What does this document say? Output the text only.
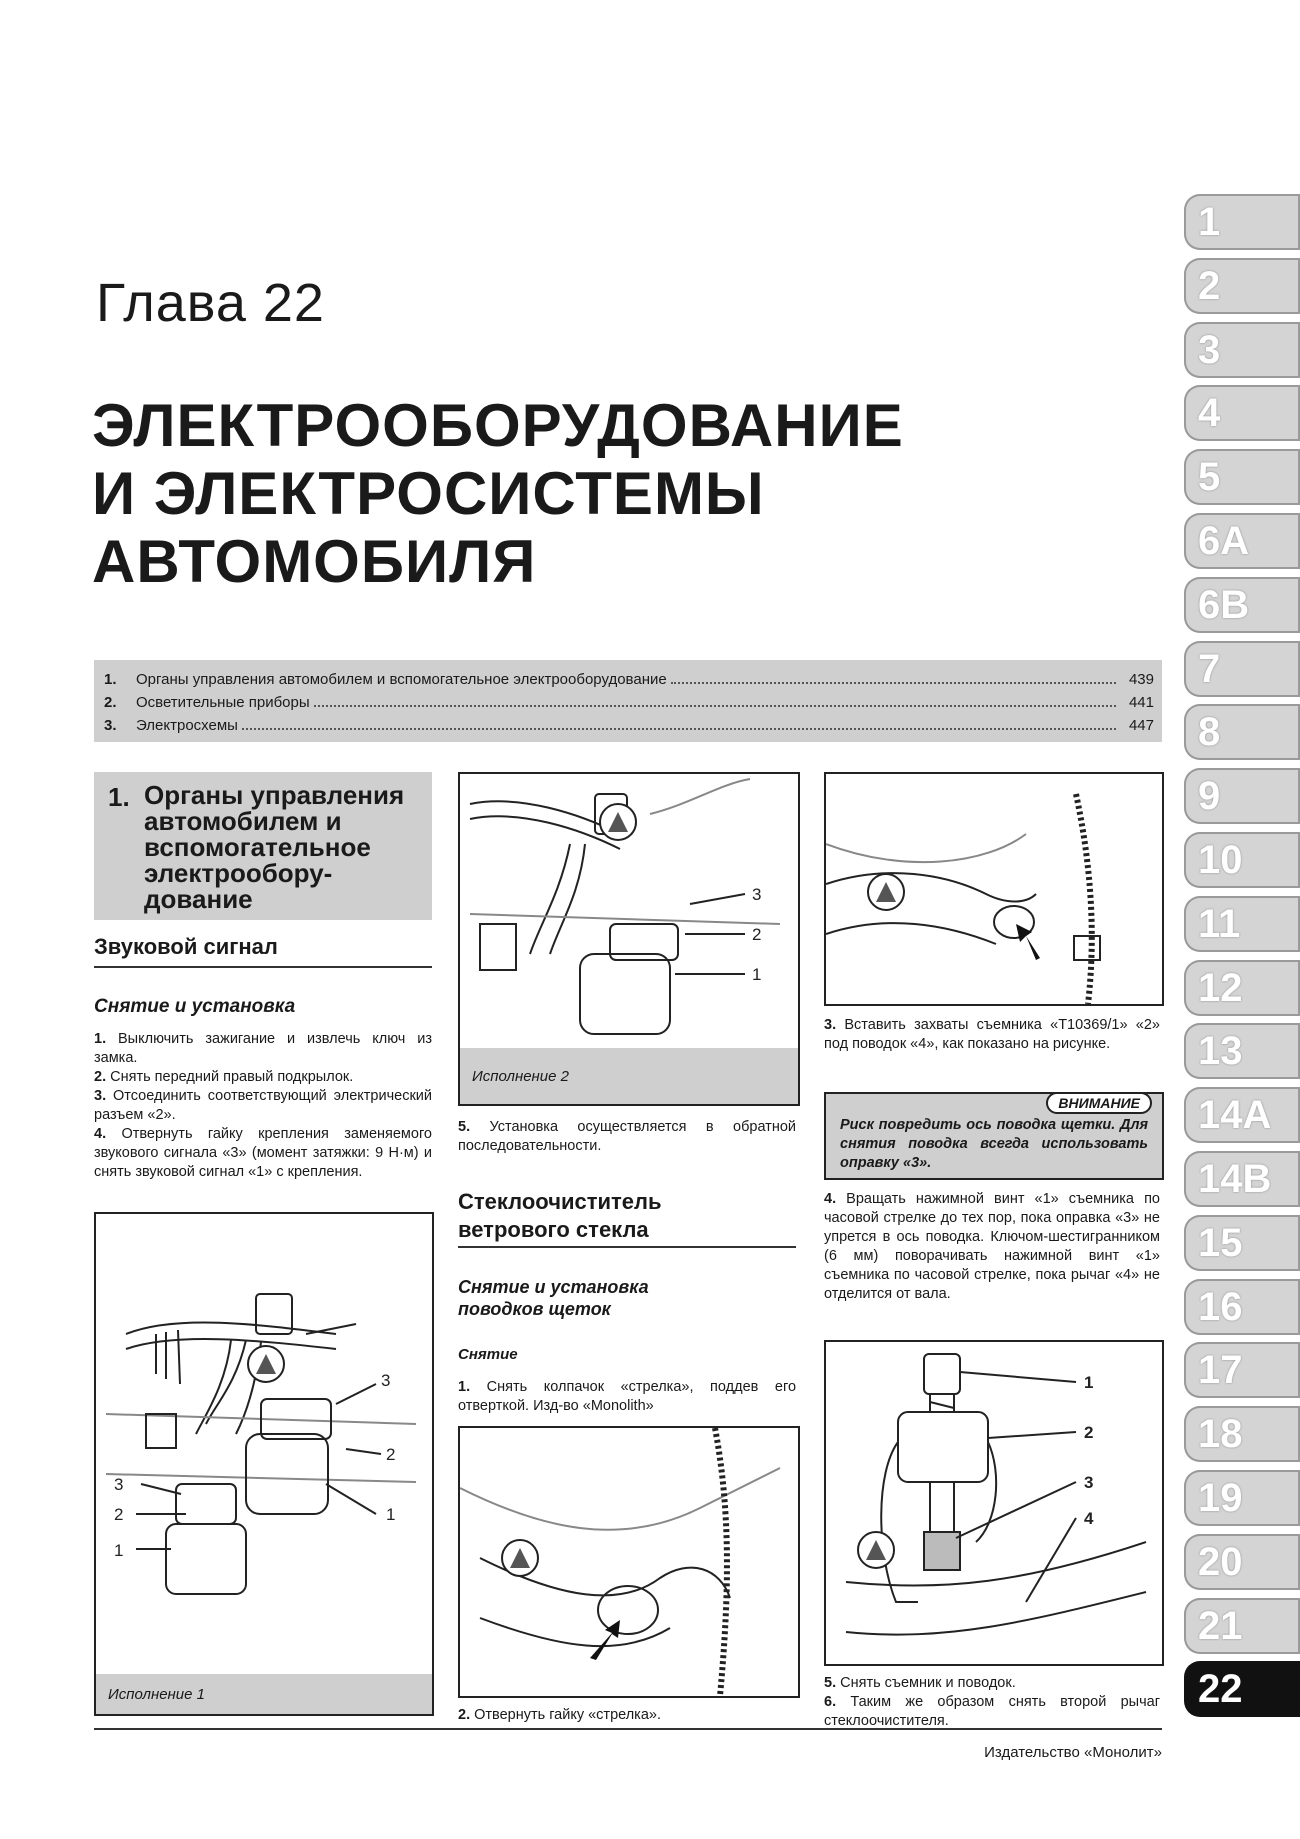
Глава 22
ЭЛЕКТРООБОРУДОВАНИЕ
И ЭЛЕКТРОСИСТЕМЫ
АВТОМОБИЛЯ
1.	Органы управления автомобилем и вспомогательное электрооборудование	439
2.	Осветительные приборы	441
3.	Электросхемы	447
1. Органы управления автомобилем и вспомогательное электрообору-дование
Звуковой сигнал
Снятие и установка

1. Выключить зажигание и извлечь ключ из замка.

2. Снять передний правый подкрылок.

3. Отсоединить соответствующий электрический разъем «2».

4. Отвернуть гайку крепления заменяемого звукового сигнала «3» (момент затяжки: 9 Н·м) и снять звуковой сигнал «1» с крепления.

3
2
3
2	1
1
Исполнение 1
3
2
1
Исполнение 2

5. Установка осуществляется в обратной последовательности.

Стеклоочиститель
ветрового стекла
Снятие и установка поводков щеток
Снятие

1. Снять колпачок «стрелка», поддев его отверткой. Изд-во «Monolith»

2. Отвернуть гайку «стрелка».

3. Вставить захваты съемника «T10369/1» «2» под поводок «4», как показано на рисунке.

ВНИМАНИЕ
Риск повредить ось поводка щетки. Для снятия поводка всегда использовать оправку «3».

4. Вращать нажимной винт «1» съемника по часовой стрелке до тех пор, пока оправка «3» не упрется в ось поводка. Ключом-шестигранником (6 мм) поворачивать нажимной винт «1» съемника по часовой стрелке, пока рычаг «4» не отделится от вала.

1
2
3
4

5. Снять съемник и поводок.

6. Таким же образом снять второй рычаг стеклоочистителя.

Издательство «Монолит»
1
2
3
4
5
6A
6B
7
8
9
10
11
12
13
14A
14B
15
16
17
18
19
20
21
22
